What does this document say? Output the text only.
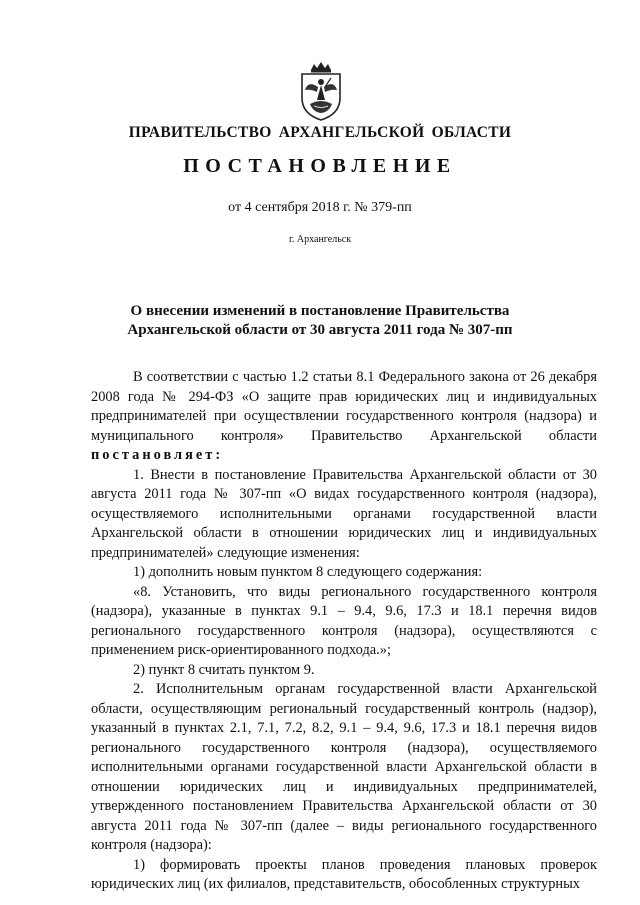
ПРАВИТЕЛЬСТВО АРХАНГЕЛЬСКОЙ ОБЛАСТИ
ПОСТАНОВЛЕНИЕ
от 4 сентября 2018 г. № 379-пп
г. Архангельск
О внесении изменений в постановление Правительства
Архангельской области от 30 августа 2011 года № 307-пп

В соответствии с частью 1.2 статьи 8.1 Федерального закона от 26 декабря 2008 года № 294-ФЗ «О защите прав юридических лиц и индивидуальных предпринимателей при осуществлении государственного контроля (надзора) и муниципального контроля» Правительство Архангельской области постановляет:

1. Внести в постановление Правительства Архангельской области от 30 августа 2011 года № 307-пп «О видах государственного контроля (надзора), осуществляемого исполнительными органами государственной власти Архангельской области в отношении юридических лиц и индивидуальных предпринимателей» следующие изменения:

1) дополнить новым пунктом 8 следующего содержания:

«8. Установить, что виды регионального государственного контроля (надзора), указанные в пунктах 9.1 – 9.4, 9.6, 17.3 и 18.1 перечня видов регионального государственного контроля (надзора), осуществляются с применением риск-ориентированного подхода.»;

2) пункт 8 считать пунктом 9.

2. Исполнительным органам государственной власти Архангельской области, осуществляющим региональный государственный контроль (надзор), указанный в пунктах 2.1, 7.1, 7.2, 8.2, 9.1 – 9.4, 9.6, 17.3 и 18.1 перечня видов регионального государственного контроля (надзора), осуществляемого исполнительными органами государственной власти Архангельской области в отношении юридических лиц и индивидуальных предпринимателей, утвержденного постановлением Правительства Архангельской области от 30 августа 2011 года № 307-пп (далее – виды регионального государственного контроля (надзора):

1) формировать проекты планов проведения плановых проверок юридических лиц (их филиалов, представительств, обособленных структурных
